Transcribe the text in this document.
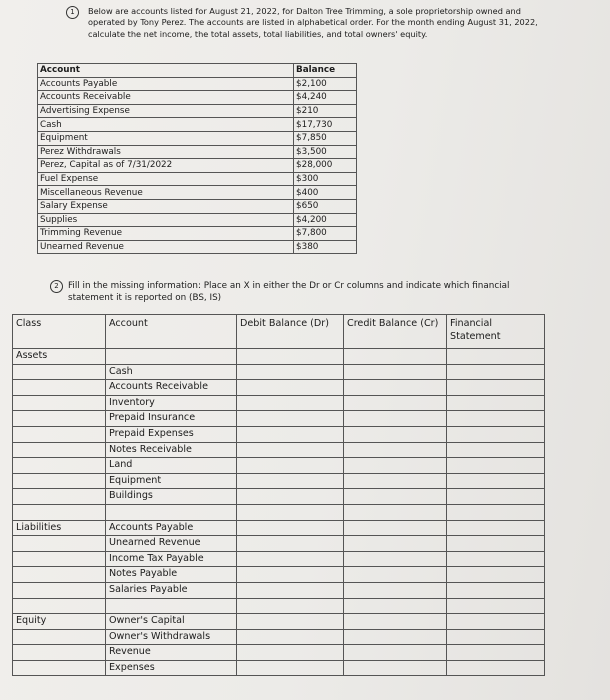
1 Below are accounts listed for August 21, 2022, for Dalton Tree Trimming, a sole proprietorship owned and operated by Tony Perez. The accounts are listed in alphabetical order. For the month ending August 31, 2022, calculate the net income, the total assets, total liabilities, and total owners' equity.
Account	Balance
Accounts Payable	$2,100
Accounts Receivable	$4,240
Advertising Expense	$210
Cash	$17,730
Equipment	$7,850
Perez Withdrawals	$3,500
Perez, Capital as of 7/31/2022	$28,000
Fuel Expense	$300
Miscellaneous Revenue	$400
Salary Expense	$650
Supplies	$4,200
Trimming Revenue	$7,800
Unearned Revenue	$380
2 Fill in the missing information: Place an X in either the Dr or Cr columns and indicate which financial statement it is reported on (BS, IS)
Class	Account	Debit Balance (Dr)	Credit Balance (Cr)	Financial Statement
Assets				
	Cash			
	Accounts Receivable			
	Inventory			
	Prepaid Insurance			
	Prepaid Expenses			
	Notes Receivable			
	Land			
	Equipment			
	Buildings			

Liabilities	Accounts Payable			
	Unearned Revenue			
	Income Tax Payable			
	Notes Payable			
	Salaries Payable			

Equity	Owner's Capital			
	Owner's Withdrawals			
	Revenue			
	Expenses			
